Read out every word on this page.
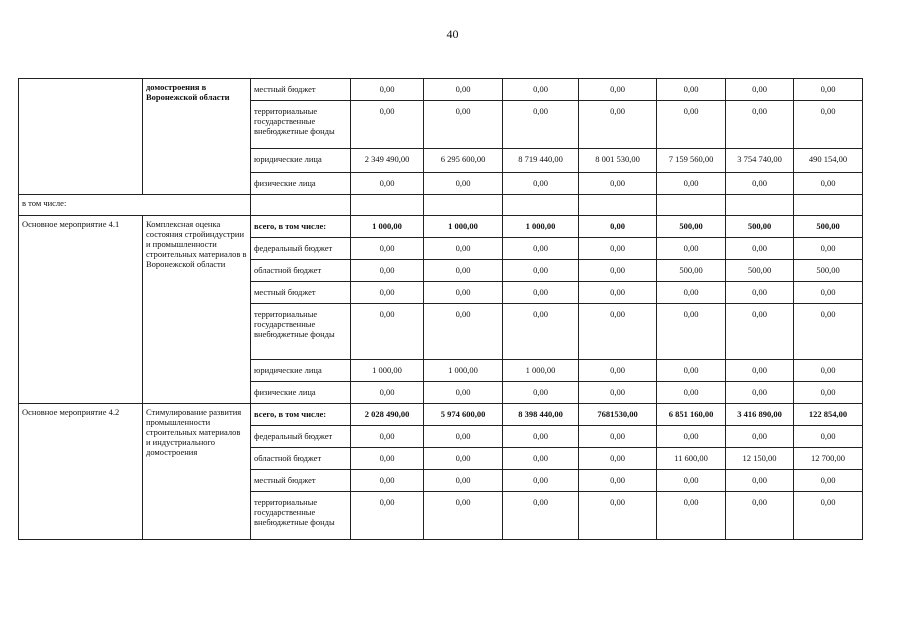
40
	домостроения в Воронежской области	местный бюджет	0,00	0,00	0,00	0,00	0,00	0,00	0,00
		территориальные государственные внебюджетные фонды	0,00	0,00	0,00	0,00	0,00	0,00	0,00
		юридические лица	2 349 490,00	6 295 600,00	8 719 440,00	8 001 530,00	7 159 560,00	3 754 740,00	490 154,00
		физические лица	0,00	0,00	0,00	0,00	0,00	0,00	0,00
в том числе:									
Основное мероприятие 4.1	Комплексная оценка состояния стройиндустрии и промышленности строительных материалов в Воронежской области	всего, в том числе:	1 000,00	1 000,00	1 000,00	0,00	500,00	500,00	500,00
		федеральный бюджет	0,00	0,00	0,00	0,00	0,00	0,00	0,00
		областной бюджет	0,00	0,00	0,00	0,00	500,00	500,00	500,00
		местный бюджет	0,00	0,00	0,00	0,00	0,00	0,00	0,00
		территориальные государственные внебюджетные фонды	0,00	0,00	0,00	0,00	0,00	0,00	0,00
		юридические лица	1 000,00	1 000,00	1 000,00	0,00	0,00	0,00	0,00
		физические лица	0,00	0,00	0,00	0,00	0,00	0,00	0,00
Основное мероприятие 4.2	Стимулирование развития промышленности строительных материалов и индустриального домостроения	всего, в том числе:	2 028 490,00	5 974 600,00	8 398 440,00	7681530,00	6 851 160,00	3 416 890,00	122 854,00
		федеральный бюджет	0,00	0,00	0,00	0,00	0,00	0,00	0,00
		областной бюджет	0,00	0,00	0,00	0,00	11 600,00	12 150,00	12 700,00
		местный бюджет	0,00	0,00	0,00	0,00	0,00	0,00	0,00
		территориальные государственные внебюджетные фонды	0,00	0,00	0,00	0,00	0,00	0,00	0,00
